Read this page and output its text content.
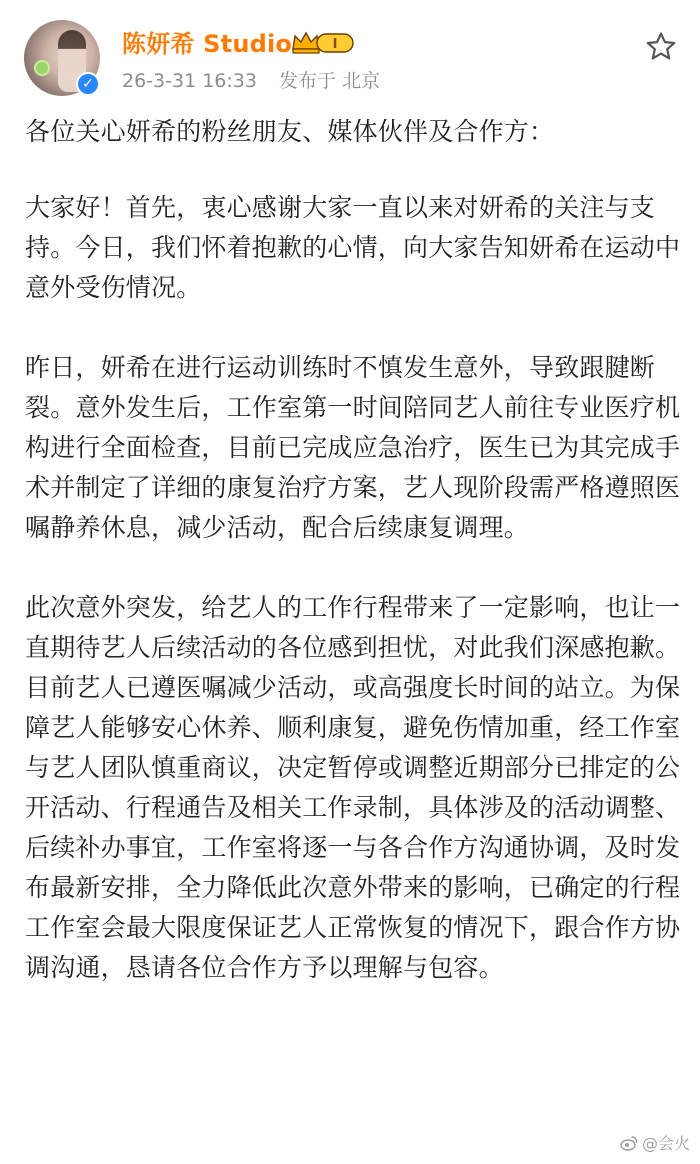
✓
陈妍希 Studio	I
26-3-31 16:33 发布于 北京

各位关心妍希的粉丝朋友、媒体伙伴及合作方：

大家好！首先，衷心感谢大家一直以来对妍希的关注与支持。今日，我们怀着抱歉的心情，向大家告知妍希在运动中意外受伤情况。

昨日，妍希在进行运动训练时不慎发生意外，导致跟腱断裂。意外发生后，工作室第一时间陪同艺人前往专业医疗机构进行全面检查，目前已完成应急治疗，医生已为其完成手术并制定了详细的康复治疗方案，艺人现阶段需严格遵照医嘱静养休息，减少活动，配合后续康复调理。

此次意外突发，给艺人的工作行程带来了一定影响，也让一直期待艺人后续活动的各位感到担忧，对此我们深感抱歉。目前艺人已遵医嘱减少活动，或高强度长时间的站立。为保障艺人能够安心休养、顺利康复，避免伤情加重，经工作室与艺人团队慎重商议，决定暂停或调整近期部分已排定的公开活动、行程通告及相关工作录制，具体涉及的活动调整、后续补办事宜，工作室将逐一与各合作方沟通协调，及时发布最新安排，全力降低此次意外带来的影响，已确定的行程工作室会最大限度保证艺人正常恢复的情况下，跟合作方协调沟通，恳请各位合作方予以理解与包容。

@会火
